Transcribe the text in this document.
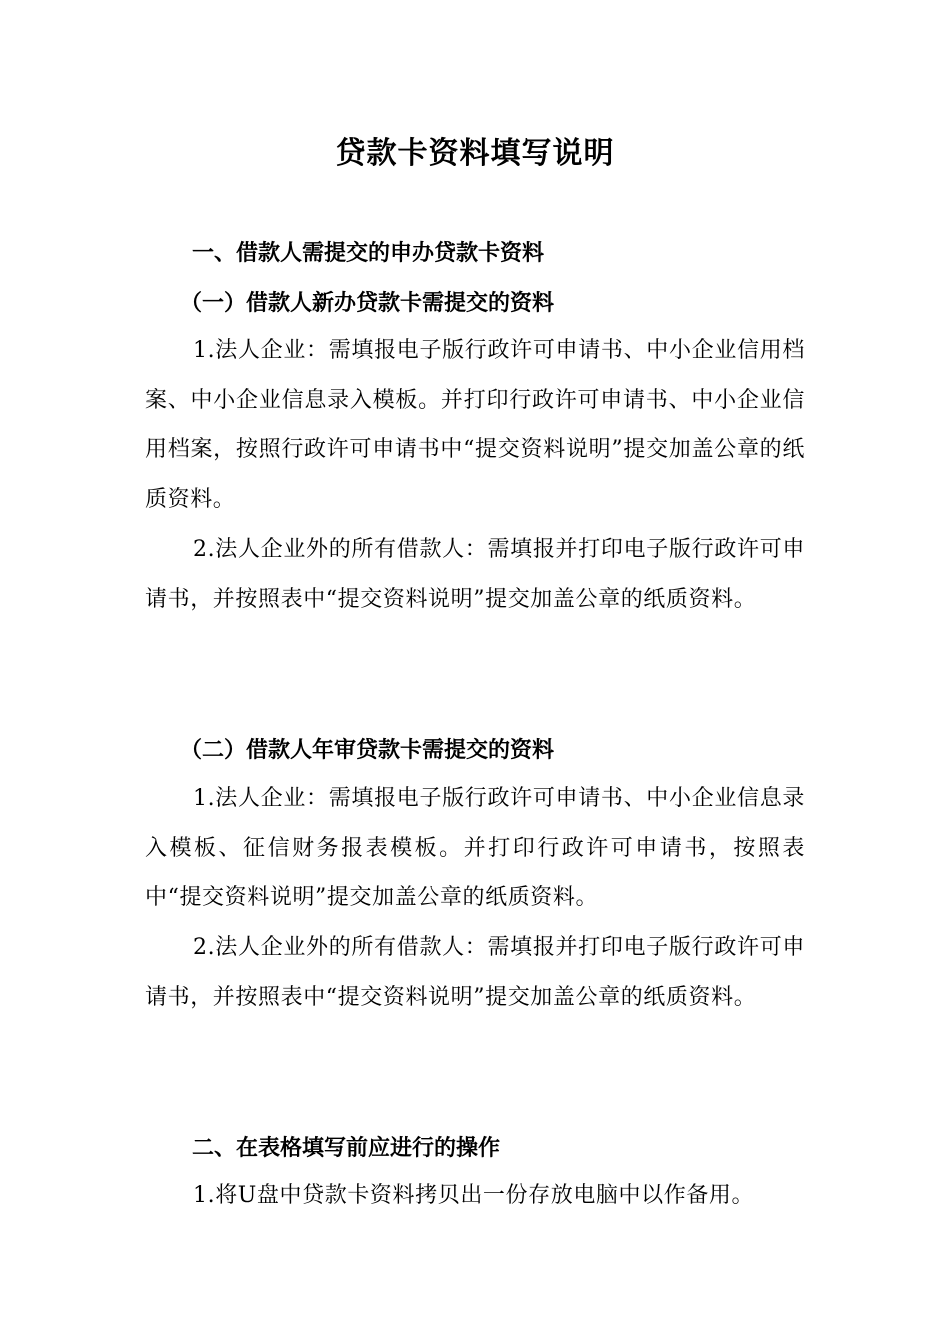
贷款卡资料填写说明
一、借款人需提交的申办贷款卡资料
（一）借款人新办贷款卡需提交的资料

1.法人企业：需填报电子版行政许可申请书、中小企业信用档案、中小企业信息录入模板。并打印行政许可申请书、中小企业信用档案，按照行政许可申请书中“提交资料说明”提交加盖公章的纸质资料。

2.法人企业外的所有借款人：需填报并打印电子版行政许可申请书，并按照表中“提交资料说明”提交加盖公章的纸质资料。

（二）借款人年审贷款卡需提交的资料

1.法人企业：需填报电子版行政许可申请书、中小企业信息录入模板、征信财务报表模板。并打印行政许可申请书，按照表中“提交资料说明”提交加盖公章的纸质资料。

2.法人企业外的所有借款人：需填报并打印电子版行政许可申请书，并按照表中“提交资料说明”提交加盖公章的纸质资料。

二、在表格填写前应进行的操作

1.将U盘中贷款卡资料拷贝出一份存放电脑中以作备用。
